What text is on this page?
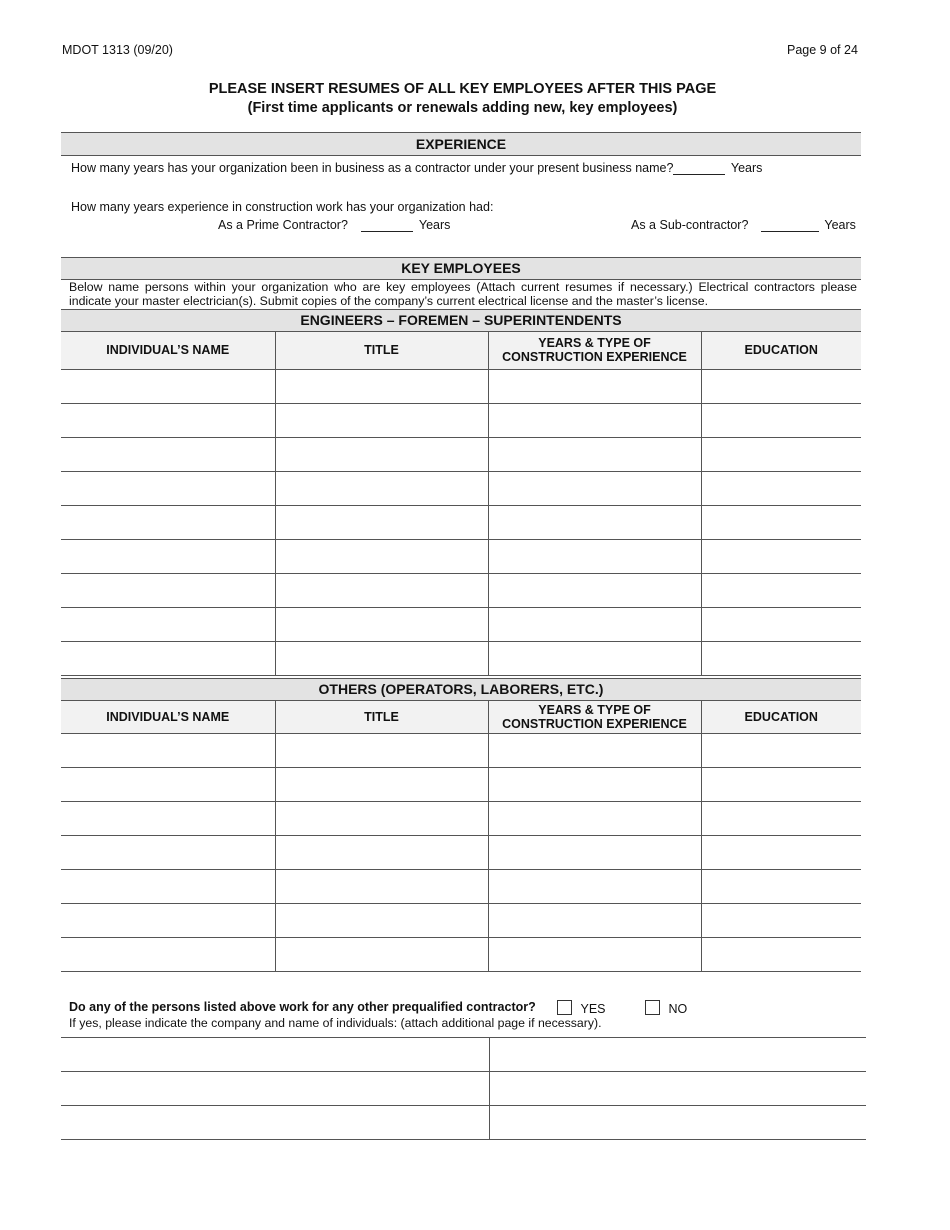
MDOT 1313 (09/20)	Page 9 of 24
PLEASE INSERT RESUMES OF ALL KEY EMPLOYEES AFTER THIS PAGE
(First time applicants or renewals adding new, key employees)
EXPERIENCE
How many years has your organization been in business as a contractor under your present business name?	Years
How many years experience in construction work has your organization had:
As a Prime Contractor?	Years	As a Sub-contractor?	Years
KEY EMPLOYEES
Below name persons within your organization who are key employees (Attach current resumes if necessary.) Electrical contractors please indicate your master electrician(s). Submit copies of the company’s current electrical license and the master’s license.
ENGINEERS – FOREMEN – SUPERINTENDENTS
INDIVIDUAL’S NAME	TITLE	YEARS & TYPE OF
CONSTRUCTION EXPERIENCE	EDUCATION

OTHERS (OPERATORS, LABORERS, ETC.)
INDIVIDUAL’S NAME	TITLE	YEARS & TYPE OF
CONSTRUCTION EXPERIENCE	EDUCATION

Do any of the persons listed above work for any other prequalified contractor?	YES	NO
If yes, please indicate the company and name of individuals: (attach additional page if necessary).
